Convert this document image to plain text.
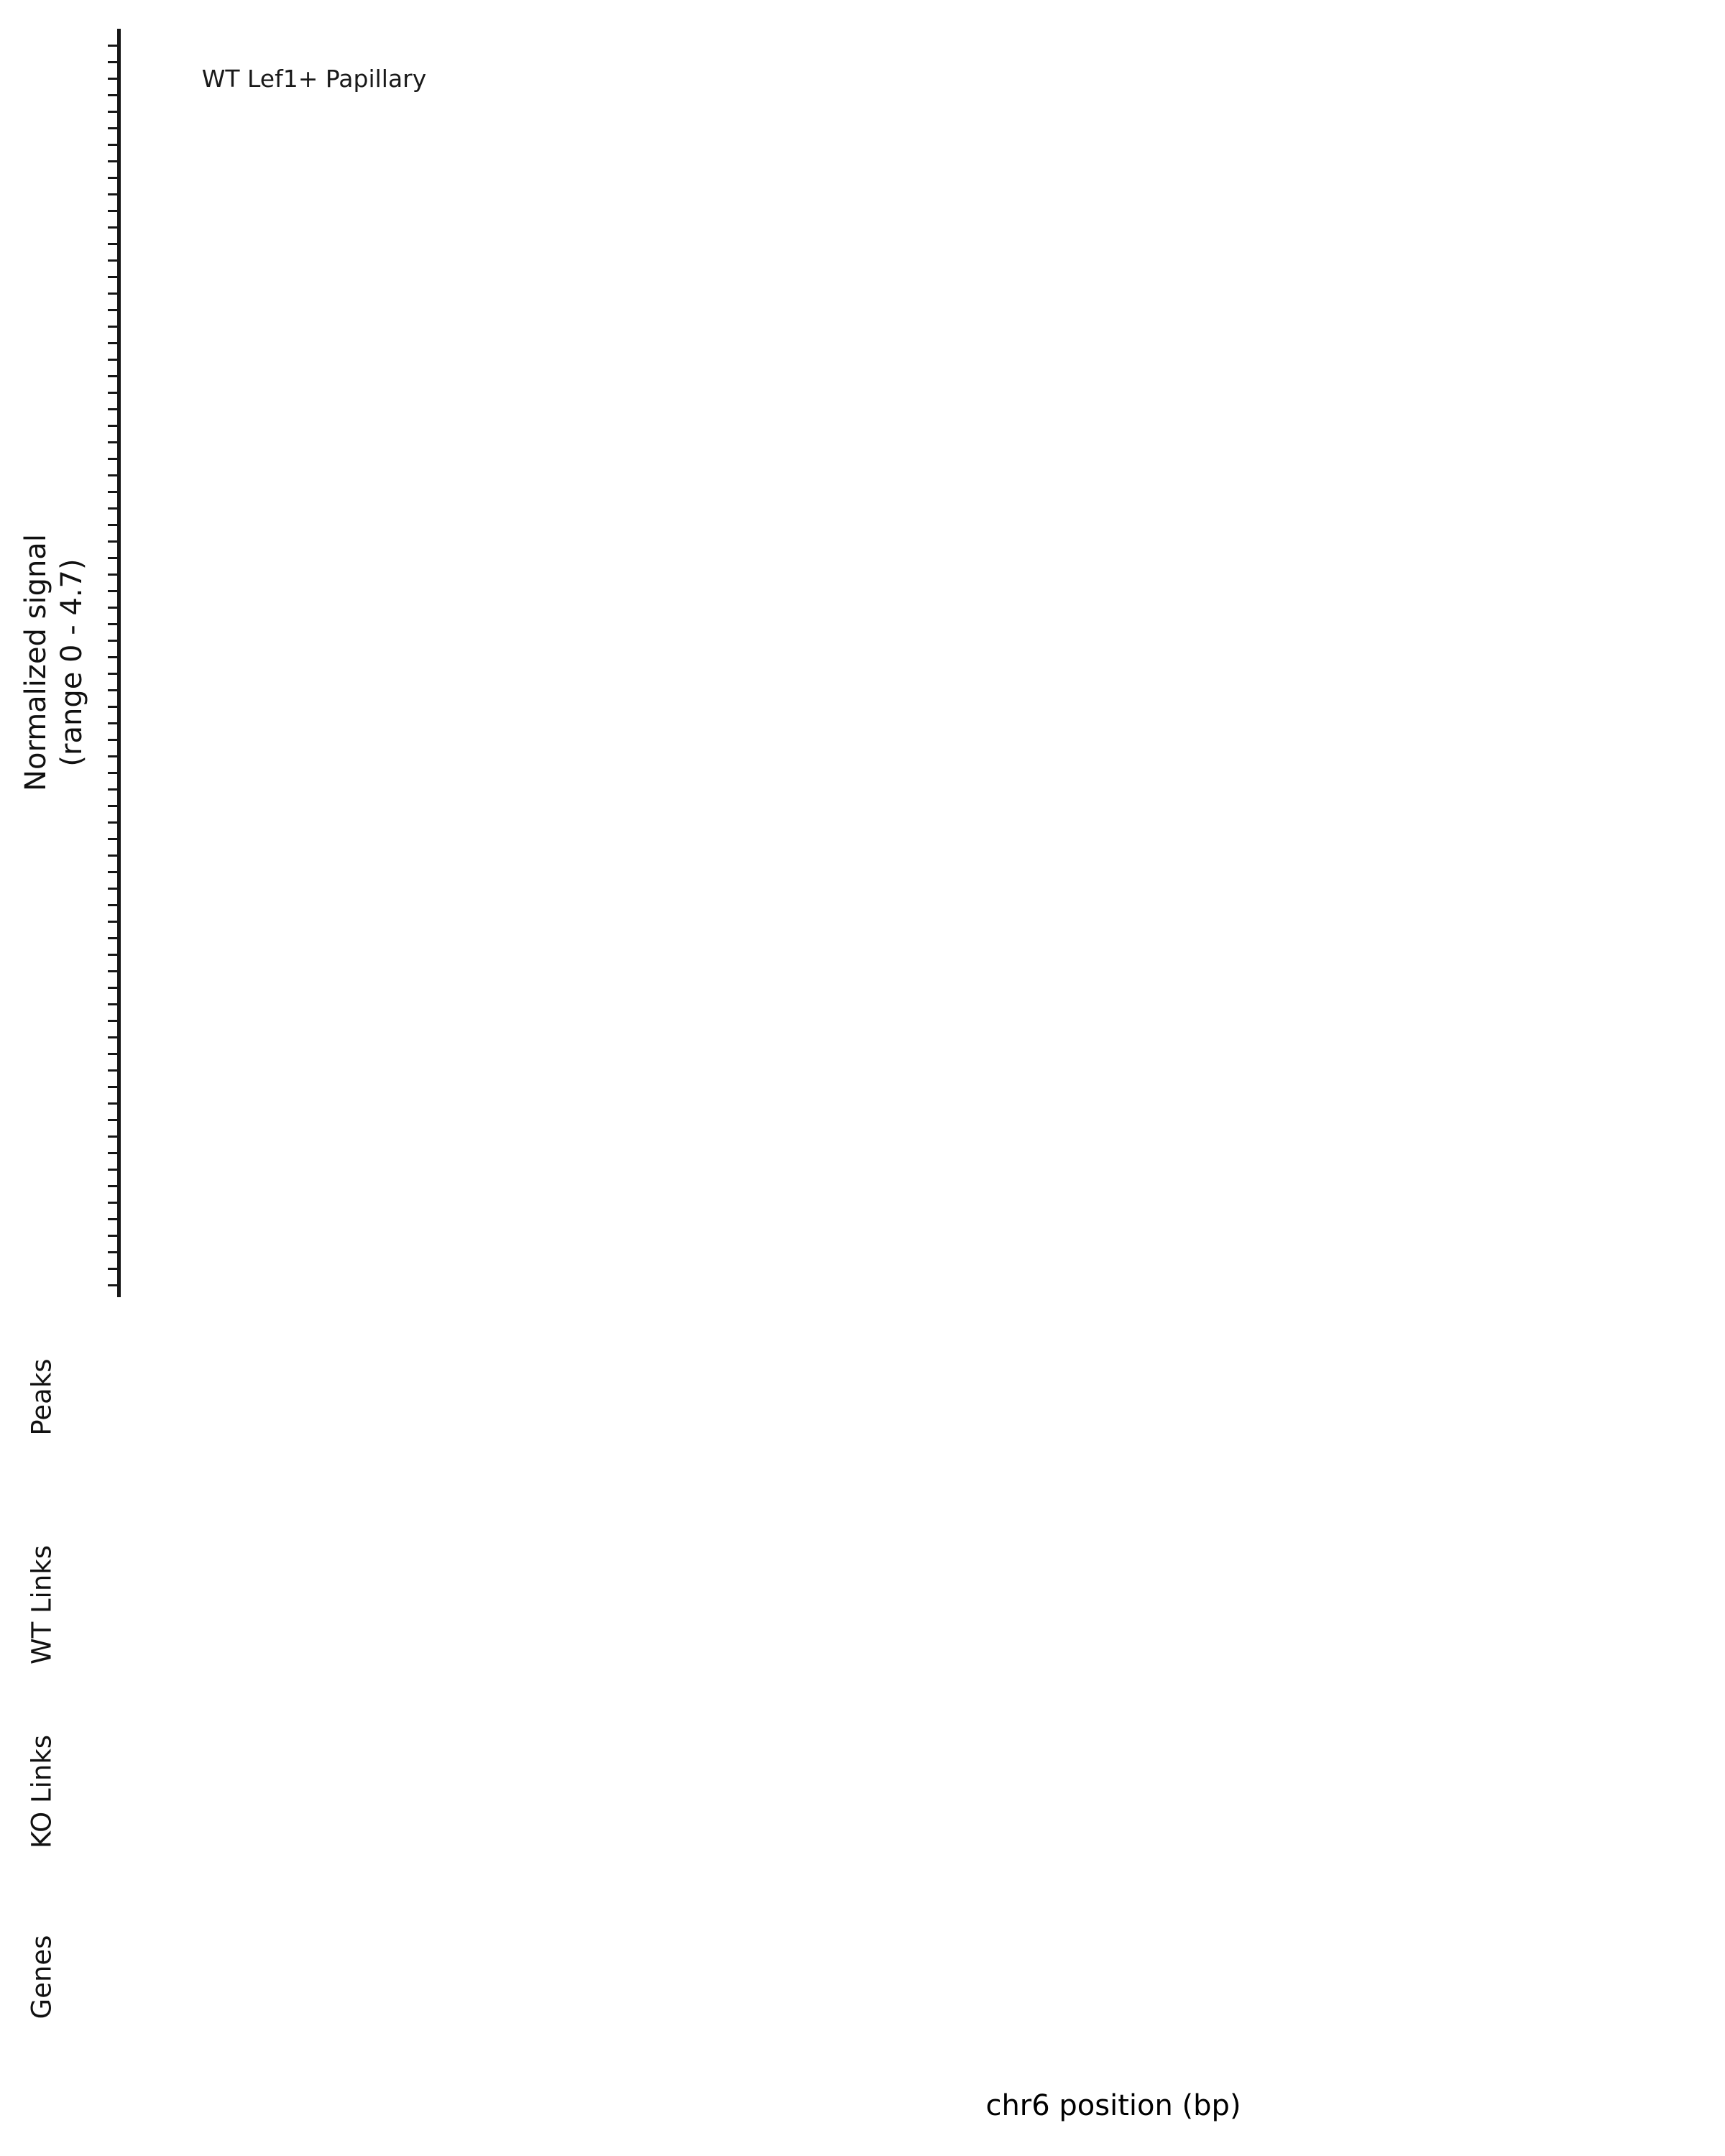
Normalized signal (range 0 - 4.7)
Peaks
WT Links
KO Links
Genes
WT Lef1+ Papillary
chr6 position (bp)
